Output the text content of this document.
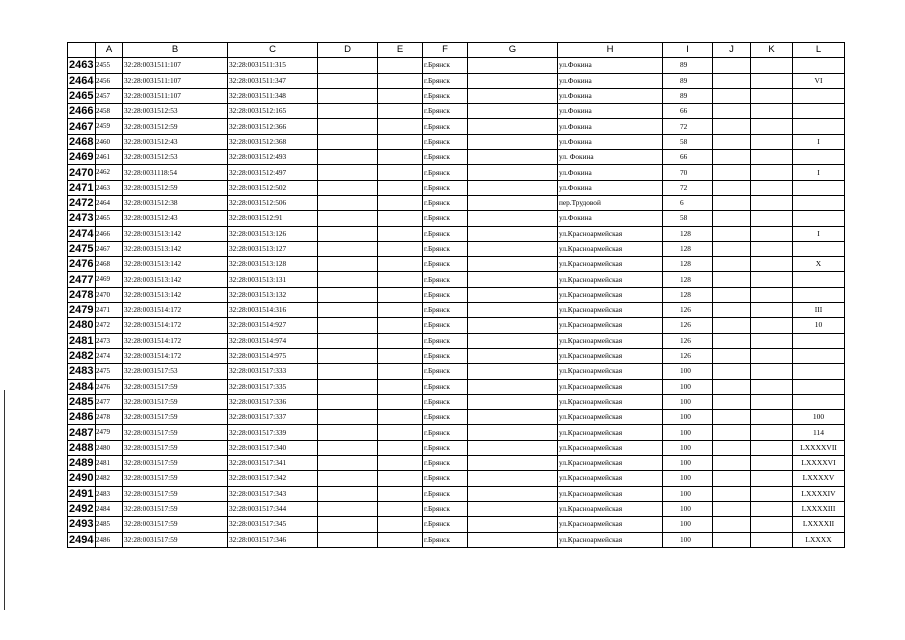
	A	B	C	D	E	F	G	H	I	J	K	L
2463	2455	32:28:0031511:107	32:28:0031511:315			г.Брянск		ул.Фокина	89			
2464	2456	32:28:0031511:107	32:28:0031511:347			г.Брянск		ул.Фокина	89			VI
2465	2457	32:28:0031511:107	32:28:0031511:348			г.Брянск		ул.Фокина	89			
2466	2458	32:28:0031512:53	32:28:0031512:165			г.Брянск		ул.Фокина	66			
2467	2459	32:28:0031512:59	32:28:0031512:366			г.Брянск		ул.Фокина	72			
2468	2460	32:28:0031512:43	32:28:0031512:368			г.Брянск		ул.Фокина	58			I
2469	2461	32:28:0031512:53	32:28:0031512:493			г.Брянск		ул. Фокина	66			
2470	2462	32:28:0031118:54	32:28:0031512:497			г.Брянск		ул.Фокина	70			I
2471	2463	32:28:0031512:59	32:28:0031512:502			г.Брянск		ул.Фокина	72			
2472	2464	32:28:0031512:38	32:28:0031512:506			г.Брянск		пер.Трудовой	6			
2473	2465	32:28:0031512:43	32:28:0031512:91			г.Брянск		ул.Фокина	58			
2474	2466	32:28:0031513:142	32:28:0031513:126			г.Брянск		ул.Красноармейская	128			I
2475	2467	32:28:0031513:142	32:28:0031513:127			г.Брянск		ул.Красноармейская	128			
2476	2468	32:28:0031513:142	32:28:0031513:128			г.Брянск		ул.Красноармейская	128			X
2477	2469	32:28:0031513:142	32:28:0031513:131			г.Брянск		ул.Красноармейская	128			
2478	2470	32:28:0031513:142	32:28:0031513:132			г.Брянск		ул.Красноармейская	128			
2479	2471	32:28:0031514:172	32:28:0031514:316			г.Брянск		ул.Красноармейская	126			III
2480	2472	32:28:0031514:172	32:28:0031514:927			г.Брянск		ул.Красноармейская	126			10
2481	2473	32:28:0031514:172	32:28:0031514:974			г.Брянск		ул.Красноармейская	126			
2482	2474	32:28:0031514:172	32:28:0031514:975			г.Брянск		ул.Красноармейская	126			
2483	2475	32:28:0031517:53	32:28:0031517:333			г.Брянск		ул.Красноармейская	100			
2484	2476	32:28:0031517:59	32:28:0031517:335			г.Брянск		ул.Красноармейская	100			
2485	2477	32:28:0031517:59	32:28:0031517:336			г.Брянск		ул.Красноармейская	100			
2486	2478	32:28:0031517:59	32:28:0031517:337			г.Брянск		ул.Красноармейская	100			100
2487	2479	32:28:0031517:59	32:28:0031517:339			г.Брянск		ул.Красноармейская	100			114
2488	2480	32:28:0031517:59	32:28:0031517:340			г.Брянск		ул.Красноармейская	100			LXXXXVII
2489	2481	32:28:0031517:59	32:28:0031517:341			г.Брянск		ул.Красноармейская	100			LXXXXVI
2490	2482	32:28:0031517:59	32:28:0031517:342			г.Брянск		ул.Красноармейская	100			LXXXXV
2491	2483	32:28:0031517:59	32:28:0031517:343			г.Брянск		ул.Красноармейская	100			LXXXXIV
2492	2484	32:28:0031517:59	32:28:0031517:344			г.Брянск		ул.Красноармейская	100			LXXXXIII
2493	2485	32:28:0031517:59	32:28:0031517:345			г.Брянск		ул.Красноармейская	100			LXXXXII
2494	2486	32:28:0031517:59	32:28:0031517:346			г.Брянск		ул.Красноармейская	100			LXXXX
